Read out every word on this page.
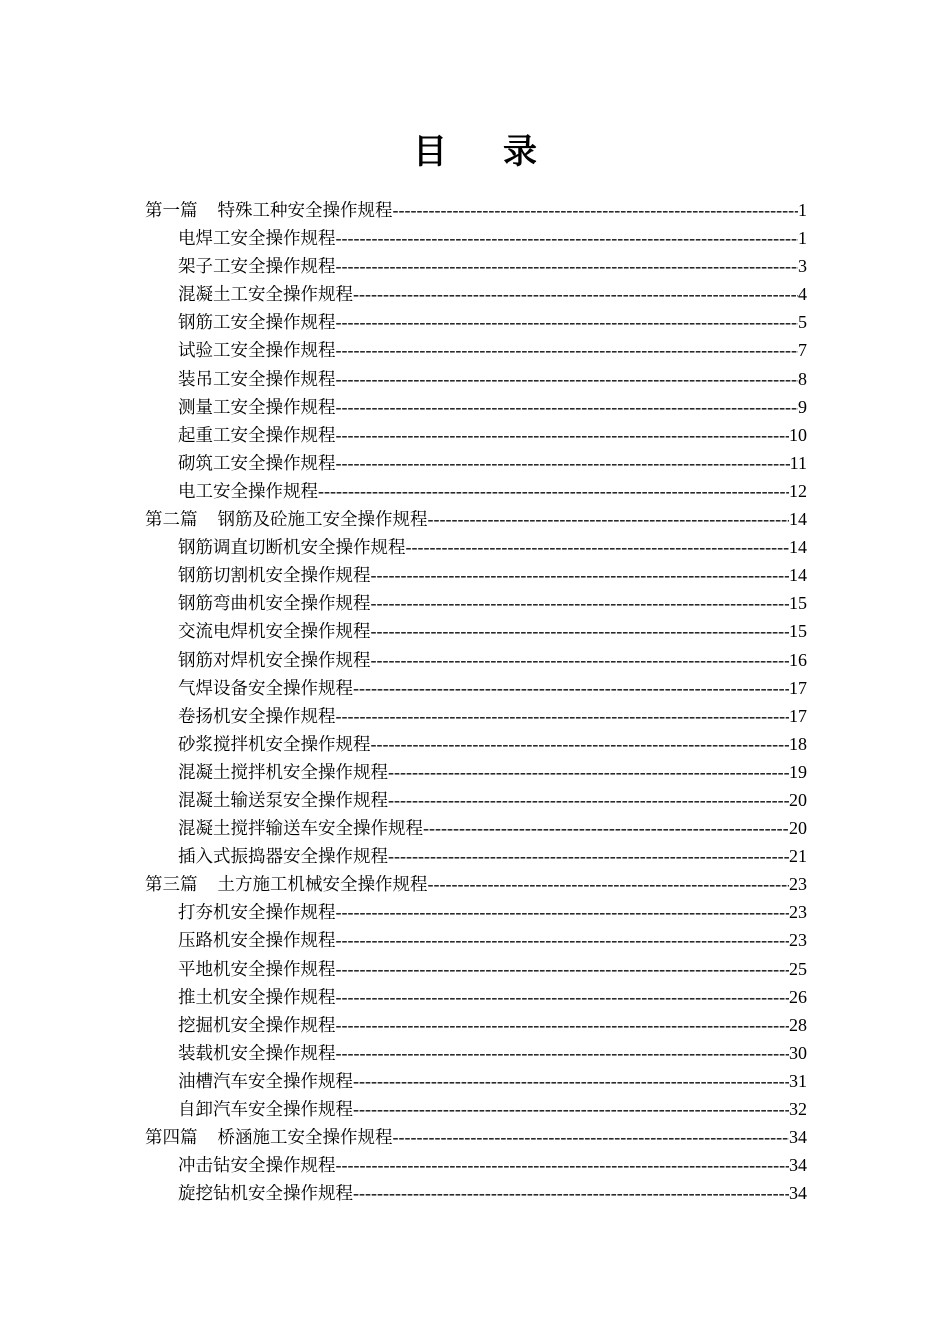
目录
第一篇 特殊工种安全操作规程 -----	1
电焊工安全操作规程 -----	1
架子工安全操作规程 -----	3
混凝土工安全操作规程 -----	4
钢筋工安全操作规程 -----	5
试验工安全操作规程 -----	7
装吊工安全操作规程 -----	8
测量工安全操作规程 -----	9
起重工安全操作规程 -----	10
砌筑工安全操作规程 -----	11
电工安全操作规程 -----	12
第二篇 钢筋及砼施工安全操作规程 -----	14
钢筋调直切断机安全操作规程 -----	14
钢筋切割机安全操作规程 -----	14
钢筋弯曲机安全操作规程 -----	15
交流电焊机安全操作规程 -----	15
钢筋对焊机安全操作规程 -----	16
气焊设备安全操作规程 -----	17
卷扬机安全操作规程 -----	17
砂浆搅拌机安全操作规程 -----	18
混凝土搅拌机安全操作规程 -----	19
混凝土输送泵安全操作规程 -----	20
混凝土搅拌输送车安全操作规程 -----	20
插入式振捣器安全操作规程 -----	21
第三篇 土方施工机械安全操作规程 -----	23
打夯机安全操作规程 -----	23
压路机安全操作规程 -----	23
平地机安全操作规程 -----	25
推土机安全操作规程 -----	26
挖掘机安全操作规程 -----	28
装载机安全操作规程 -----	30
油槽汽车安全操作规程 -----	31
自卸汽车安全操作规程 -----	32
第四篇 桥涵施工安全操作规程 -----	34
冲击钻安全操作规程 -----	34
旋挖钻机安全操作规程 -----	34
